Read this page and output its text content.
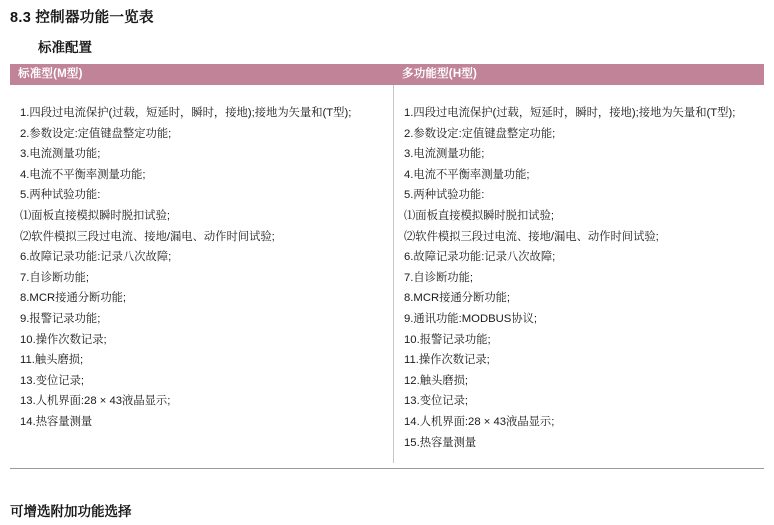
8.3 控制器功能一览表
标准配置
标准型(M型)	多功能型(H型)
1.四段过电流保护(过载，短延时，瞬时，接地);接地为矢量和(T型);
2.参数设定:定值键盘整定功能;
3.电流测量功能;
4.电流不平衡率测量功能;
5.两种试验功能:
⑴面板直接模拟瞬时脱扣试验;
⑵软件模拟三段过电流、接地/漏电、动作时间试验;
6.故障记录功能:记录八次故障;
7.自诊断功能;
8.MCR接通分断功能;
9.报警记录功能;
10.操作次数记录;
11.触头磨损;
13.变位记录;
13.人机界面:28 × 43液晶显示;
14.热容量测量
1.四段过电流保护(过载，短延时，瞬时，接地);接地为矢量和(T型);
2.参数设定:定值键盘整定功能;
3.电流测量功能;
4.电流不平衡率测量功能;
5.两种试验功能:
⑴面板直接模拟瞬时脱扣试验;
⑵软件模拟三段过电流、接地/漏电、动作时间试验;
6.故障记录功能:记录八次故障;
7.自诊断功能;
8.MCR接通分断功能;
9.通讯功能:MODBUS协议;
10.报警记录功能;
11.操作次数记录;
12.触头磨损;
13.变位记录;
14.人机界面:28 × 43液晶显示;
15.热容量测量
可增选附加功能选择
